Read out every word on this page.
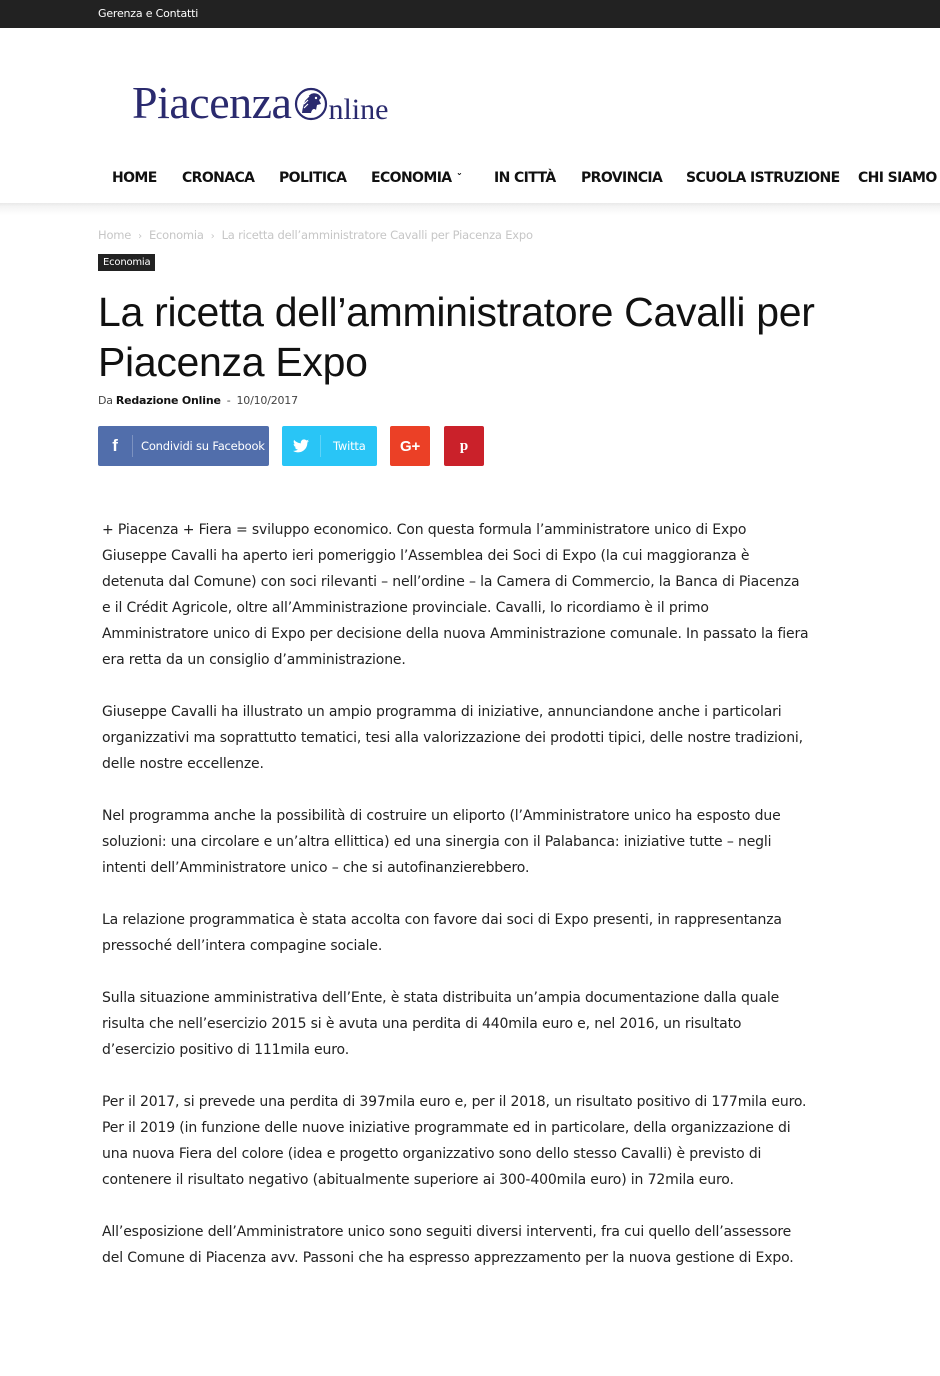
Gerenza e Contatti
Piacenza nline
HOME CRONACA POLITICA ECONOMIA ˅ IN CITTÀ PROVINCIA SCUOLA ISTRUZIONE CHI SIAMO
Home › Economia › La ricetta dell’amministratore Cavalli per Piacenza Expo
Economia
La ricetta dell’amministratore Cavalli per Piacenza Expo
Da Redazione Online - 10/10/2017
f	Condividi su Facebook	Twitta G+	p

+ Piacenza + Fiera = sviluppo economico. Con questa formula l’amministratore unico di Expo Giuseppe Cavalli ha aperto ieri pomeriggio l’Assemblea dei Soci di Expo (la cui maggioranza è detenuta dal Comune) con soci rilevanti – nell’ordine – la Camera di Commercio, la Banca di Piacenza e il Crédit Agricole, oltre all’Amministrazione provinciale. Cavalli, lo ricordiamo è il primo Amministratore unico di Expo per decisione della nuova Amministrazione comunale. In passato la fiera era retta da un consiglio d’amministrazione.

Giuseppe Cavalli ha illustrato un ampio programma di iniziative, annunciandone anche i particolari organizzativi ma soprattutto tematici, tesi alla valorizzazione dei prodotti tipici, delle nostre tradizioni, delle nostre eccellenze.

Nel programma anche la possibilità di costruire un eliporto (l’Amministratore unico ha esposto due soluzioni: una circolare e un’altra ellittica) ed una sinergia con il Palabanca: iniziative tutte – negli intenti dell’Amministratore unico – che si autofinanzierebbero.

La relazione programmatica è stata accolta con favore dai soci di Expo presenti, in rappresentanza pressoché dell’intera compagine sociale.

Sulla situazione amministrativa dell’Ente, è stata distribuita un’ampia documentazione dalla quale risulta che nell’esercizio 2015 si è avuta una perdita di 440mila euro e, nel 2016, un risultato d’esercizio positivo di 111mila euro.

Per il 2017, si prevede una perdita di 397mila euro e, per il 2018, un risultato positivo di 177mila euro. Per il 2019 (in funzione delle nuove iniziative programmate ed in particolare, della organizzazione di una nuova Fiera del colore (idea e progetto organizzativo sono dello stesso Cavalli) è previsto di contenere il risultato negativo (abitualmente superiore ai 300-400mila euro) in 72mila euro.

All’esposizione dell’Amministratore unico sono seguiti diversi interventi, fra cui quello dell’assessore del Comune di Piacenza avv. Passoni che ha espresso apprezzamento per la nuova gestione di Expo.
